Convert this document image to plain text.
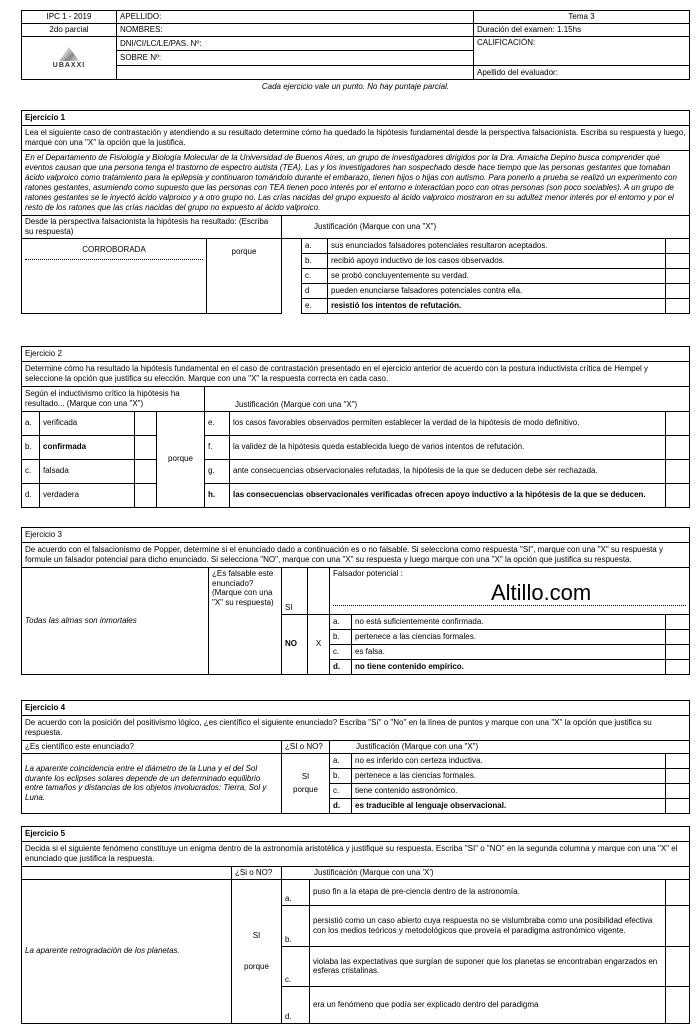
IPC 1 - 2019	APELLIDO:	Tema 3
2do parcial	NOMBRES:	Duración del examen: 1.15hs

UBAXXI	DNI/CI/LC/LE/PAS. Nº:	CALIFICACIÓN:
	SOBRE Nº:	
		Apellido del evaluador:
Cada ejercicio vale un punto. No hay puntaje parcial.
Ejercicio 1
Lea el siguiente caso de contrastación y atendiendo a su resultado determine cómo ha quedado la hipótesis fundamental desde la perspectiva falsacionista. Escriba su respuesta y luego, marque con una "X" la opción que la justifica.
En el Departamento de Fisiología y Biología Molecular de la Universidad de Buenos Aires, un grupo de investigadores dirigidos por la Dra. Amaicha Depino busca comprender qué eventos causan que una persona tenga el trastorno de espectro autista (TEA). Las y los investigadores han sospechado desde hace tiempo que las personas gestantes que tomaban ácido valproico como tratamiento para la epilepsia y continuaron tomándolo durante el embarazo, tienen hijos o hijas con autismo. Para ponerlo a prueba se realizó un experimento con ratones gestantes, asumiendo como supuesto que las personas con TEA tienen poco interés por el entorno e interactúan poco con otras personas (son poco sociables). A un grupo de ratones gestantes se le inyectó ácido valproico y a otro grupo no. Las crías nacidas del grupo expuesto al ácido valproico mostraron en su adultez menor interés por el entorno y por el resto de los ratones que las crías nacidas del grupo no expuesto al ácido valproico.
Desde la perspectiva falsacionista la hipótesis ha resultado: (Escriba su respuesta)		Justificación (Marque con una "X")			

CORROBORADA	porque		a.	sus enunciados falsadores potenciales resultaron aceptados.	
			b.	recibió apoyo inductivo de los casos observados.	
			c.	se probó concluyentemente su verdad.	
			d	pueden enunciarse falsadores potenciales contra ella.	
			e.	resistió los intentos de refutación.	
Ejercicio 2
Determine cómo ha resultado la hipótesis fundamental en el caso de contrastación presentado en el ejercicio anterior de acuerdo con la postura inductivista crítica de Hempel y seleccione la opción que justifica su elección. Marque con una "X" la respuesta correcta en cada caso.
Según el inductivismo crítico la hipótesis ha resultado... (Marque con una "X")				Justificación (Marque con una "X")		
a.	verificada		porque	e.	los casos favorables observados permiten establecer la verdad de la hipótesis de modo definitivo.	
b.	confirmada			f.	la validez de la hipótesis queda establecida luego de varios intentos de refutación.	
c.	falsada			g.	ante consecuencias observacionales refutadas, la hipótesis de la que se deducen debe ser rechazada.	
d.	verdadera			h.	las consecuencias observacionales verificadas ofrecen apoyo inductivo a la hipótesis de la que se deducen.	
Ejercicio 3
De acuerdo con el falsacionismo de Popper, determine si el enunciado dado a continuación es o no falsable. Si selecciona como respuesta "SI", marque con una "X" su respuesta y formule un falsador potencial para dicho enunciado. Si selecciona "NO", marque con una "X" su respuesta y luego marque con una "X" la opción que justifica su respuesta.
Todas las almas son inmortales	¿Es falsable este enunciado? (Marque con una "X" su respuesta)	SI		Falsador potencial :
Altillo.com		

		NO	X	a.	no está suficientemente confirmada.	
				b.	pertenece a las ciencias formales.	
				c.	es falsa.	
				d.	no tiene contenido empírico.	
Ejercicio 4
De acuerdo con la posición del positivismo lógico, ¿es científico el siguiente enunciado? Escriba "Sí" o "No" en la línea de puntos y marque con una "X" la opción que justifica su respuesta.
¿Es científico este enunciado?	¿SI o NO?	Justificación (Marque con una "X")		
La aparente coincidencia entre el diámetro de la Luna y el del Sol durante los eclipses solares depende de un determinado equilibrio entre tamaños y distancias de los objetos involucrados: Tierra, Sol y Luna.	SI
porque	a.	no es inferido con certeza inductiva.	
		b.	pertenece a las ciencias formales.	
		c.	tiene contenido astronómico.	
		d.	es traducible al lenguaje observacional.	
Ejercicio 5
Decida si el siguiente fenómeno constituye un enigma dentro de la astronomía aristotélica y justifique su respuesta. Escriba "SI" o "NO" en la segunda columna y marque con una "X" el enunciado que justifica la respuesta.
	¿Si o NO?	Justificación (Marque con una 'X')		
La aparente retrogradación de los planetas.	SI
porque	a.	puso fin a la etapa de pre-ciencia dentro de la astronomía.	
		b.	persistió como un caso abierto cuya respuesta no se vislumbraba como una posibilidad efectiva con los medios teóricos y metodológicos que proveía el paradigma astronómico vigente.	
		c.	violaba las expectativas que surgían de suponer que los planetas se encontraban engarzados en esferas cristalinas.	
		d.	era un fenómeno que podía ser explicado dentro del paradigma	
